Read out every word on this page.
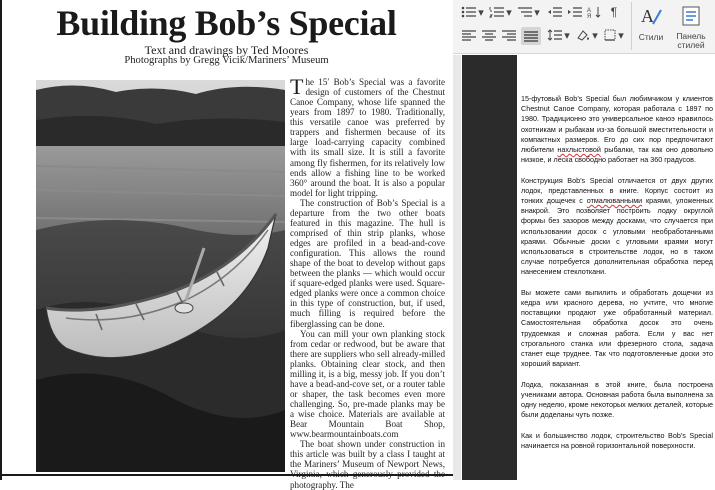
Building Bob’s Special
Text and drawings by Ted Moores
Photographs by Gregg Vicik/Mariners’ Museum

The 15′ Bob’s Special was a favorite design of customers of the Chestnut Canoe Company, whose life spanned the years from 1897 to 1980. Traditionally, this versatile canoe was preferred by trappers and fishermen because of its large load-carrying capacity combined with its small size. It is still a favorite among fly fishermen, for its relatively low ends allow a fishing line to be worked 360° around the boat. It is also a popular model for light tripping.

The construction of Bob’s Special is a departure from the two other boats featured in this magazine. The hull is comprised of thin strip planks, whose edges are profiled in a bead-and-cove configuration. This allows the round shape of the boat to develop without gaps between the planks — which would occur if square-edged planks were used. Square-edged planks were once a common choice in this type of construction, but, if used, much filling is required before the fiberglassing can be done.

You can mill your own planking stock from cedar or redwood, but be aware that there are suppliers who sell already-milled planks. Obtaining clear stock, and then milling it, is a big, messy job. If you don’t have a bead-and-cove set, or a router table or shaper, the task becomes even more challenging. So, pre-made planks may be a wise choice. Materials are available at Bear Mountain Boat Shop, www.bearmountainboats.com

The boat shown under construction in this article was built by a class I taught at the Mariners’ Museum of Newport News, photography. The

▾ ▾ ▾	A
Я	¶
▾ ▾ ▾
A
Стили	Панель стилей

15-футовый Bob’s Special был любимчиком у клиентов Chestnut Canoe Company, которая работала с 1897 по 1980. Традиционно это универсальное каноэ нравилось охотникам и рыбакам из-за большой вместительности и компактных размеров. Его до сих пор предпочитают любители нахлыстовой рыбалки, так как оно довольно низкое, и леска свободно работает на 360 градусов.

Конструкция Bob’s Special отличается от двух других лодок, представленных в книге. Корпус состоит из тонких дощечек с отмалюванными краями, уложенных внакрой. Это позволяет построить лодку округлой формы без зазоров между досками, что случается при использовании досок с угловыми необработанными краями. Обычные доски с угловыми краями могут использоваться в строительстве лодок, но в таком случае потребуется дополнительная обработка перед нанесением стеклоткани.

Вы можете сами выпилить и обработать дощечки из кедра или красного дерева, но учтите, что многие поставщики продают уже обработанный материал. Самостоятельная обработка досок это очень трудоемкая и сложная работа. Если у вас нет строгального станка или фрезерного стола, задача станет еще труднее. Так что подготовленные доски это хороший вариант.

Лодка, показанная в этой книге, была построена учениками автора. Основная работа была выполнена за одну неделю, кроме некоторых мелких деталей, которые были доделаны чуть позже.

Как и большинство лодок, строительство Bob’s Special начинается на ровной горизонтальной поверхности.
